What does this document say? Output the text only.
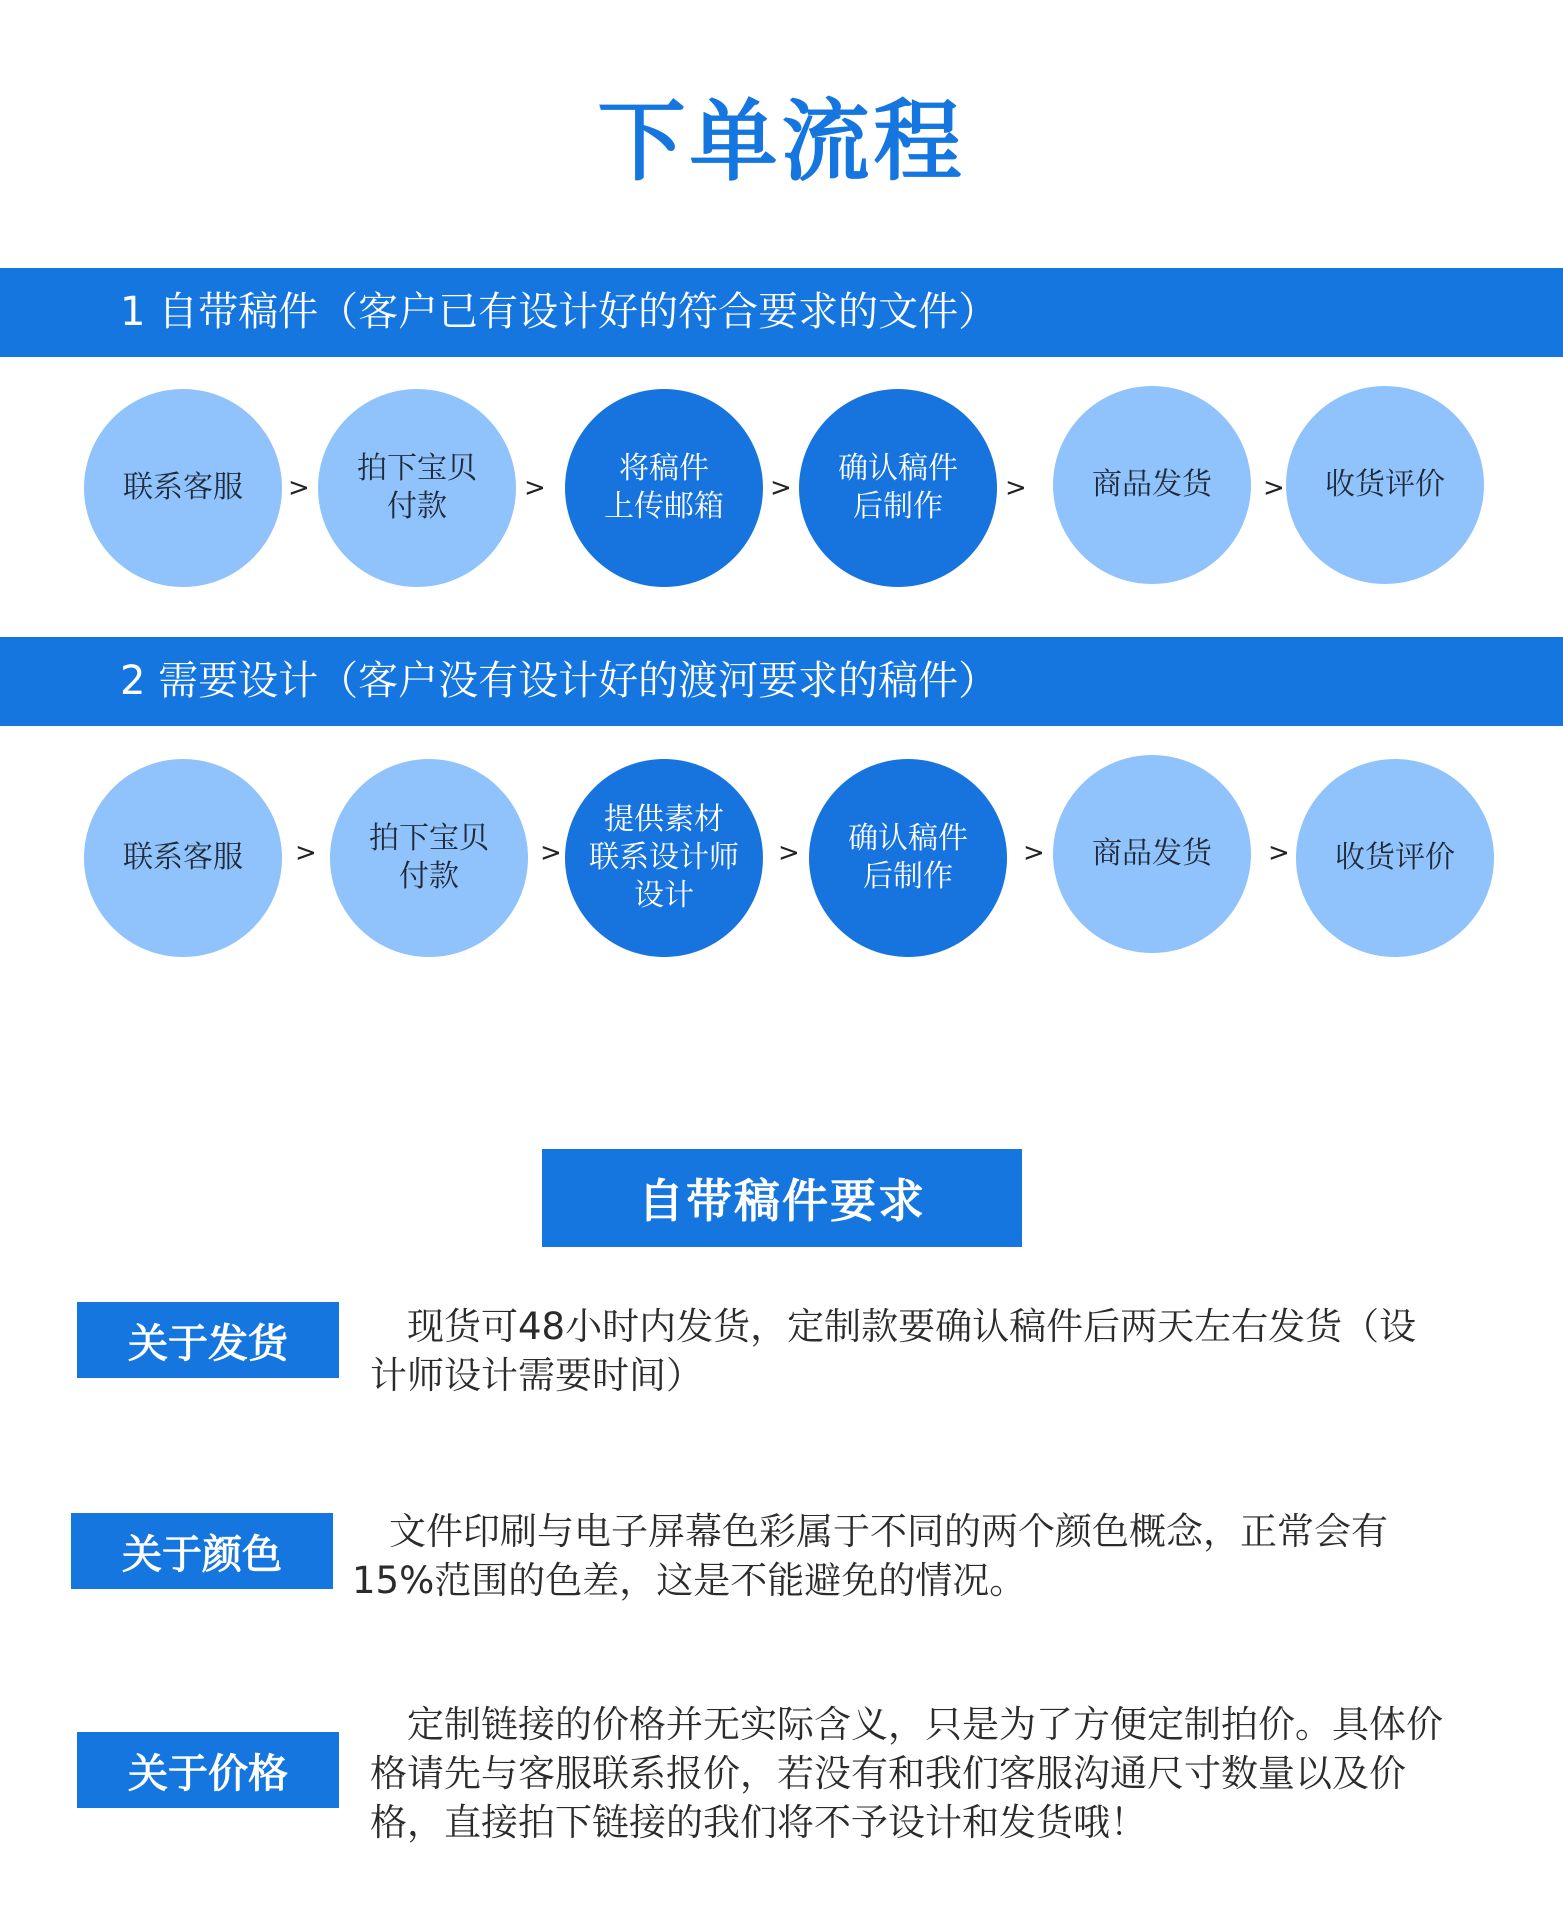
下单流程
1 自带稿件（客户已有设计好的符合要求的文件）
联系客服	>
拍下宝贝
付款
>
将稿件
上传邮箱
>
确认稿件
后制作
>	商品发货	>	收货评价
2 需要设计（客户没有设计好的渡河要求的稿件）
联系客服	>	拍下宝贝
付款
>
提供素材
联系设计师
设计
>	确认稿件
后制作
>	商品发货	>	收货评价
自带稿件要求
关于发货	　现货可48小时内发货，定制款要确认稿件后两天左右发货（设计师设计需要时间）
关于颜色	　文件印刷与电子屏幕色彩属于不同的两个颜色概念，正常会有15%范围的色差，这是不能避免的情况。
关于价格
　定制链接的价格并无实际含义，只是为了方便定制拍价。具体价格请先与客服联系报价，若没有和我们客服沟通尺寸数量以及价格，直接拍下链接的我们将不予设计和发货哦！
